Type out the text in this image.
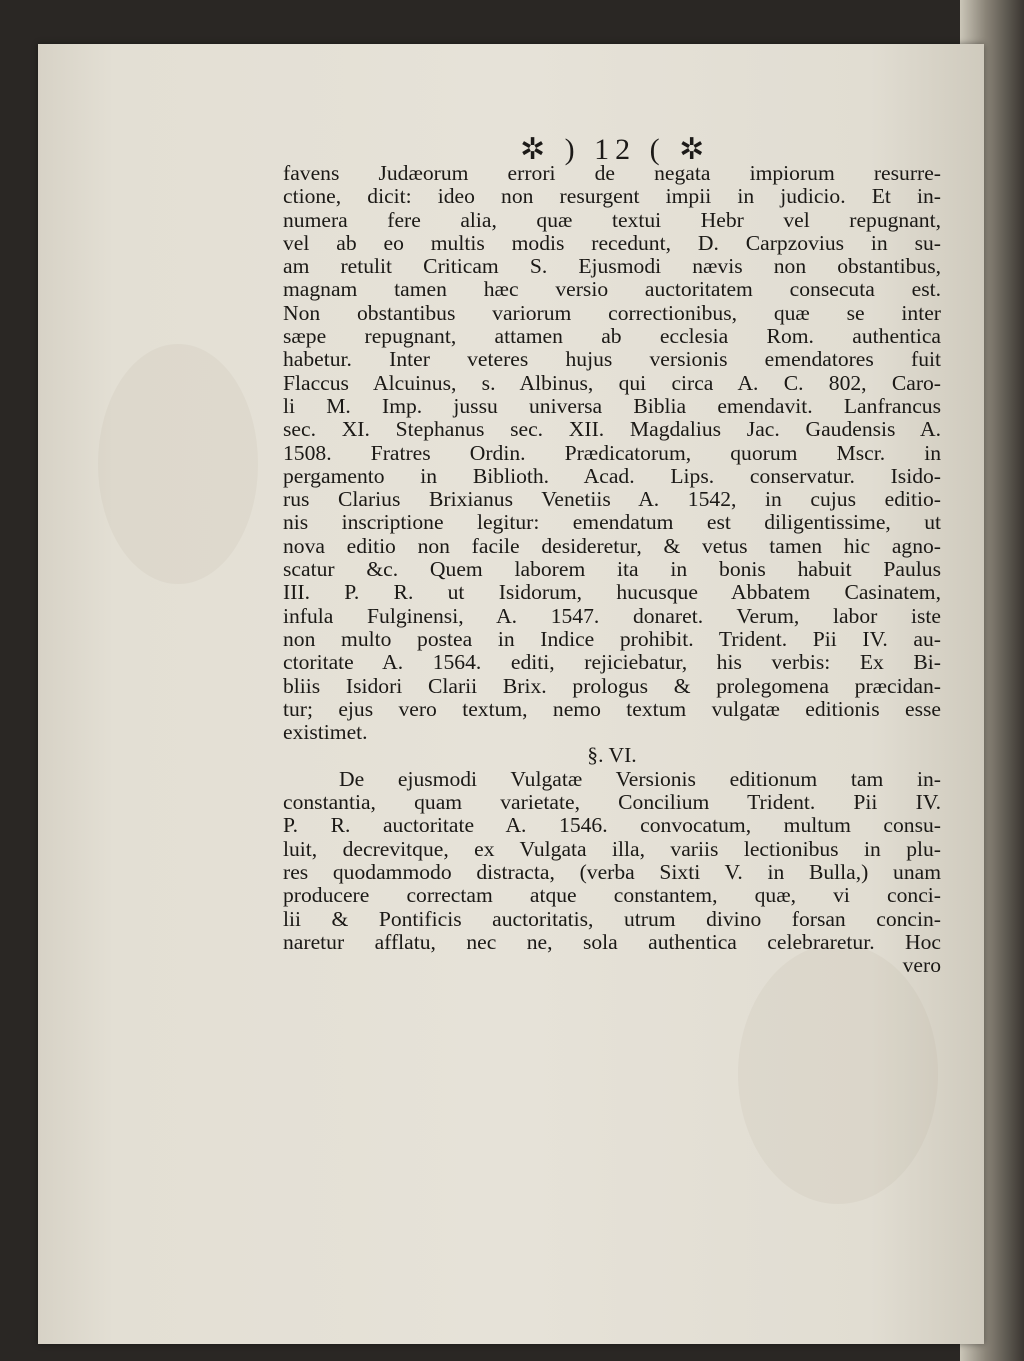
✲ ) 12 ( ✲
favens Judæorum errori de negata impiorum resurre-
ctione, dicit: ideo non resurgent impii in judicio. Et in-
numera fere alia, quæ textui Hebr vel repugnant,
vel ab eo multis modis recedunt, D. Carpzovius in su-
am retulit Criticam S. Ejusmodi nævis non obstantibus,
magnam tamen hæc versio auctoritatem consecuta est.
Non obstantibus variorum correctionibus, quæ se inter
sæpe repugnant, attamen ab ecclesia Rom. authentica
habetur. Inter veteres hujus versionis emendatores fuit
Flaccus Alcuinus, s. Albinus, qui circa A. C. 802, Caro-
li M. Imp. jussu universa Biblia emendavit. Lanfrancus
sec. XI. Stephanus sec. XII. Magdalius Jac. Gaudensis A.
1508. Fratres Ordin. Prædicatorum, quorum Mscr. in
pergamento in Biblioth. Acad. Lips. conservatur. Isido-
rus Clarius Brixianus Venetiis A. 1542, in cujus editio-
nis inscriptione legitur: emendatum est diligentissime, ut
nova editio non facile desideretur, & vetus tamen hic agno-
scatur &c. Quem laborem ita in bonis habuit Paulus
III. P. R. ut Isidorum, hucusque Abbatem Casinatem,
infula Fulginensi, A. 1547. donaret. Verum, labor iste
non multo postea in Indice prohibit. Trident. Pii IV. au-
ctoritate A. 1564. editi, rejiciebatur, his verbis: Ex Bi-
bliis Isidori Clarii Brix. prologus & prolegomena præcidan-
tur; ejus vero textum, nemo textum vulgatæ editionis esse
existimet.
§. VI.
De ejusmodi Vulgatæ Versionis editionum tam in-
constantia, quam varietate, Concilium Trident. Pii IV.
P. R. auctoritate A. 1546. convocatum, multum consu-
luit, decrevitque, ex Vulgata illa, variis lectionibus in plu-
res quodammodo distracta, (verba Sixti V. in Bulla,) unam
producere correctam atque constantem, quæ, vi conci-
lii & Pontificis auctoritatis, utrum divino forsan concin-
naretur afflatu, nec ne, sola authentica celebraretur. Hoc
vero
